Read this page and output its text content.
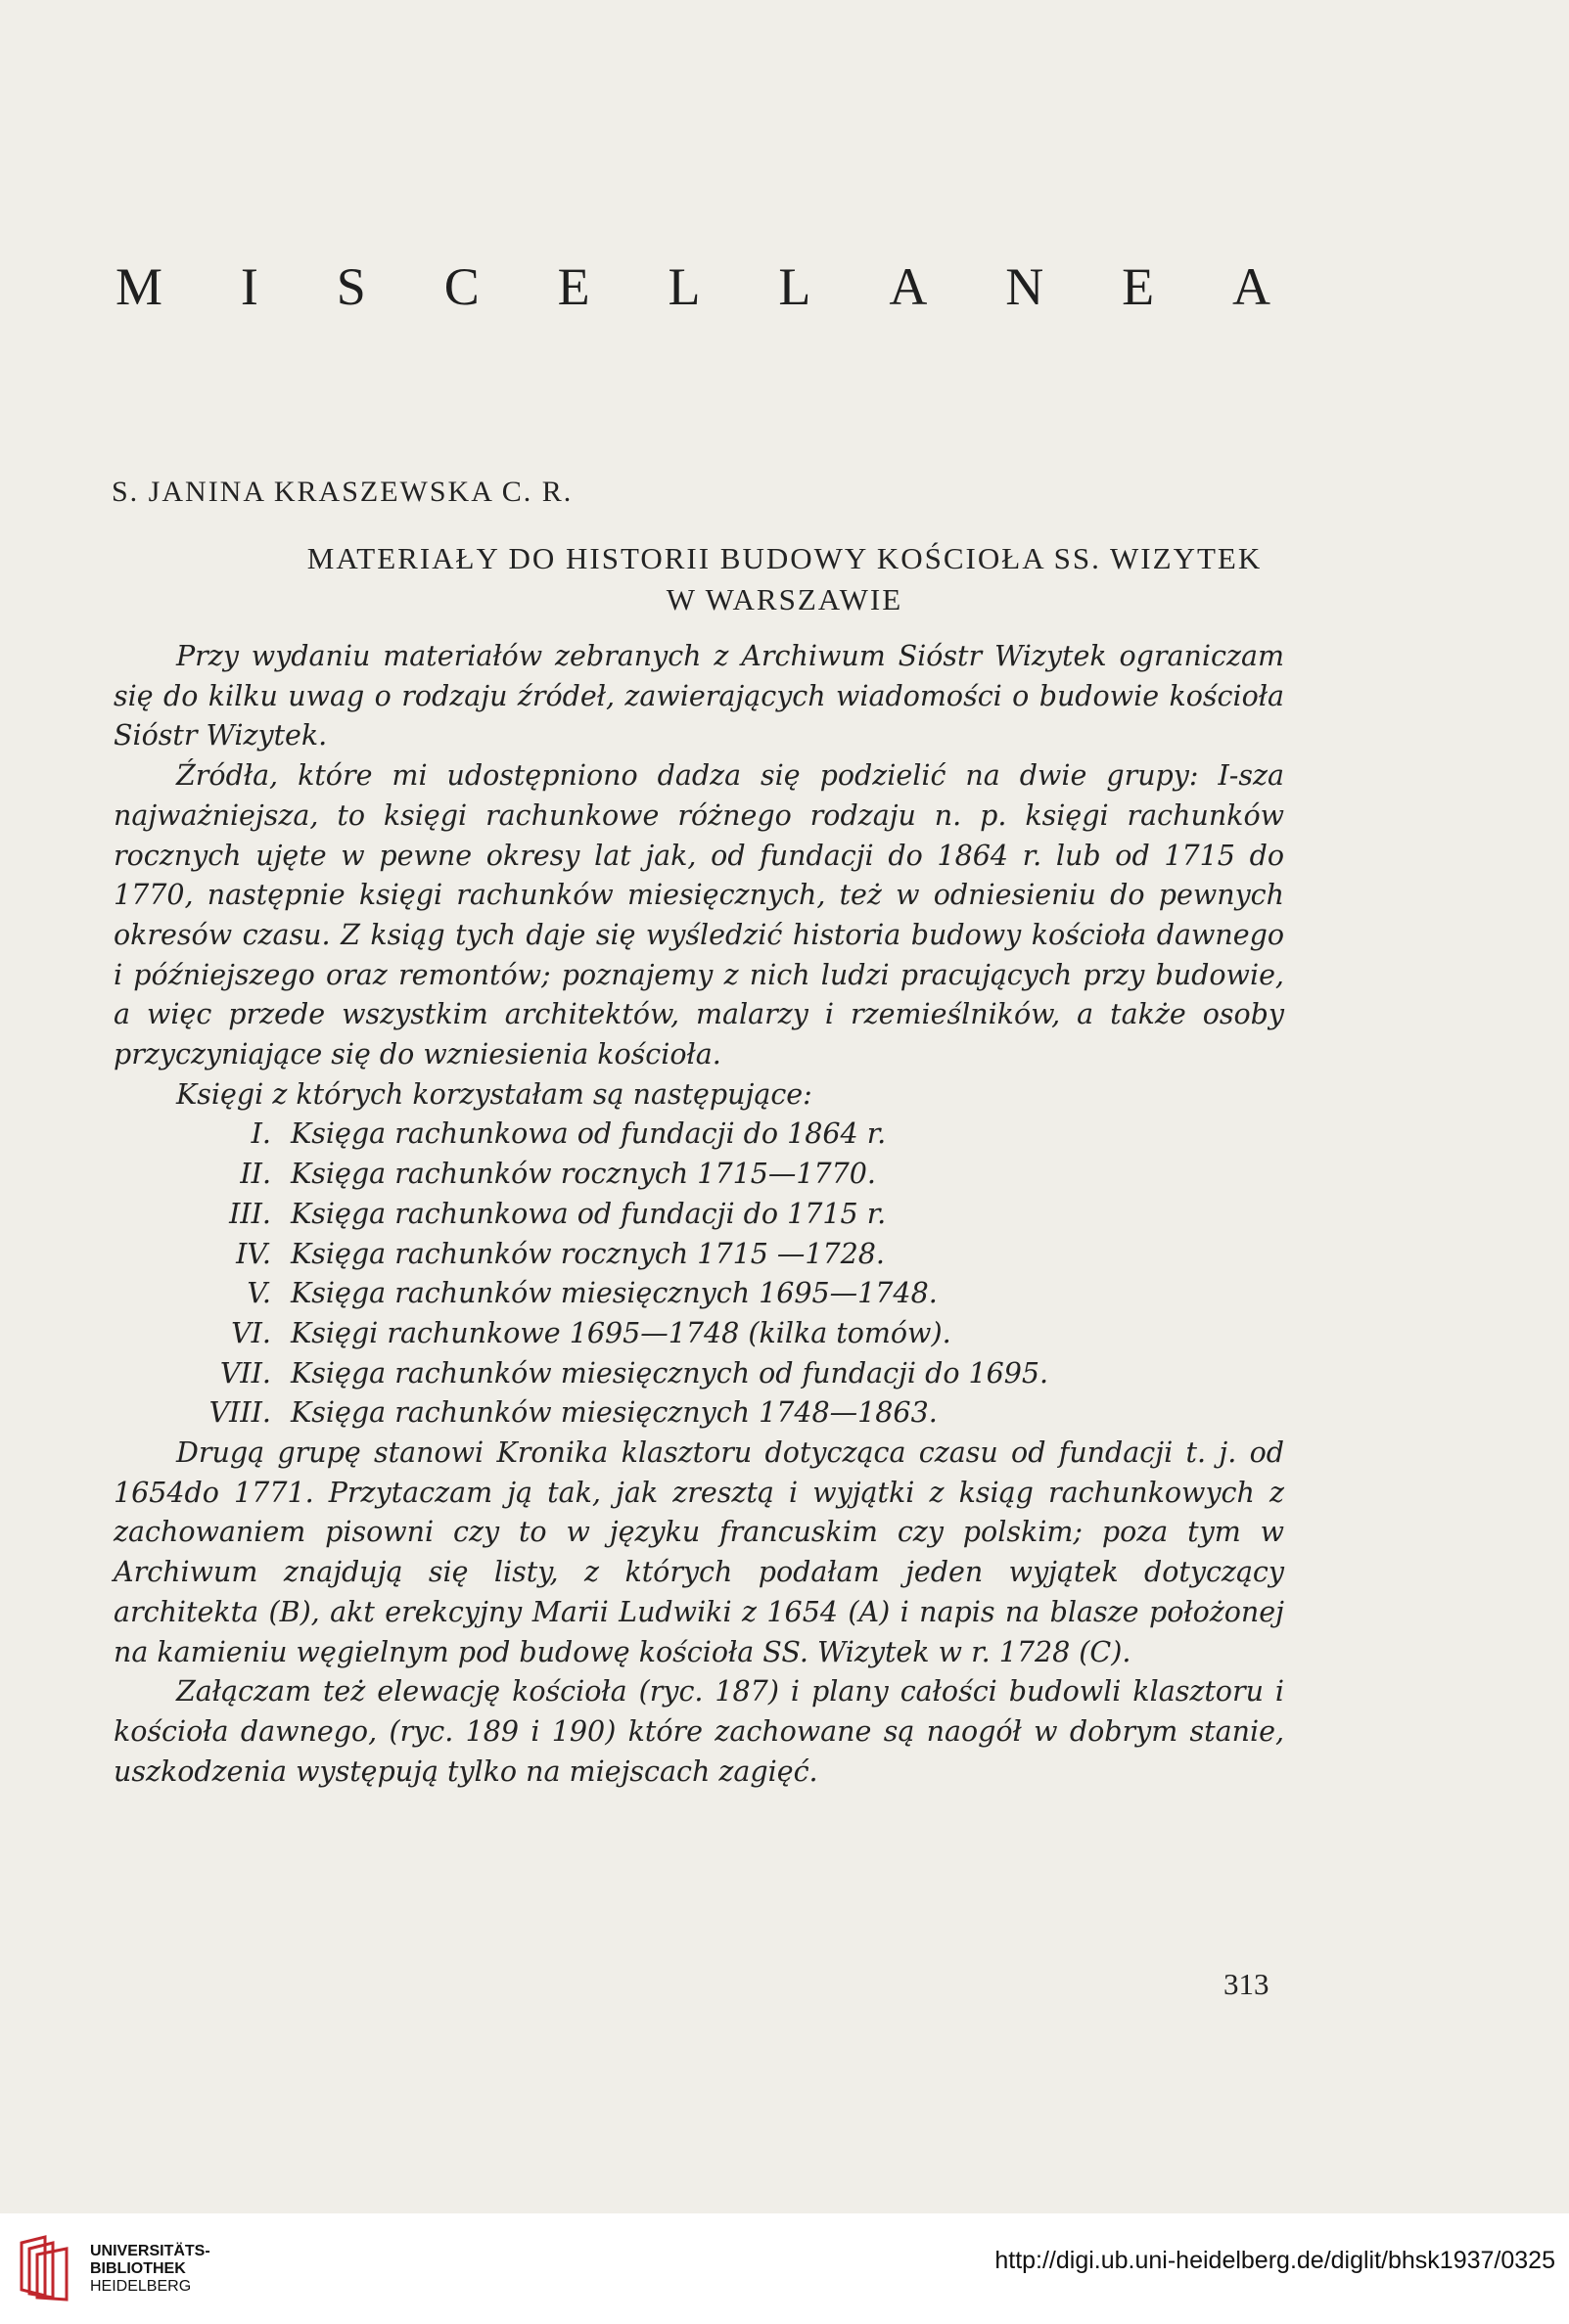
M I S C E L L A N E A
S. JANINA KRASZEWSKA C. R.
MATERIAŁY DO HISTORII BUDOWY KOŚCIOŁA SS. WIZYTEK
W WARSZAWIE

Przy wydaniu materiałów zebranych z Archiwum Sióstr Wizytek ograniczam się do kilku uwag o rodzaju źródeł, zawierających wiadomości o budowie kościoła Sióstr Wizytek.

Źródła, które mi udostępniono dadza się podzielić na dwie grupy: I-sza najważniejsza, to księgi rachunkowe różnego rodzaju n. p. księgi rachunków rocznych ujęte w pewne okresy lat jak, od fundacji do 1864 r. lub od 1715 do 1770, następnie księgi rachunków miesięcznych, też w odniesieniu do pewnych okresów czasu. Z ksiąg tych daje się wyśledzić historia budowy kościoła dawnego i późniejszego oraz remontów; poznajemy z nich ludzi pracujących przy budowie, a więc przede wszystkim architektów, malarzy i rzemieślników, a także osoby przyczyniające się do wzniesienia kościoła.

Księgi z których korzystałam są następujące:

I. Księga rachunkowa od fundacji do 1864 r.
II. Księga rachunków rocznych 1715—1770.
III. Księga rachunkowa od fundacji do 1715 r.
IV. Księga rachunków rocznych 1715 —1728.
V. Księga rachunków miesięcznych 1695—1748.
VI. Księgi rachunkowe 1695—1748 (kilka tomów).
VII. Księga rachunków miesięcznych od fundacji do 1695.
VIII. Księga rachunków miesięcznych 1748—1863.

Drugą grupę stanowi Kronika klasztoru dotycząca czasu od fundacji t. j. od 1654do 1771. Przytaczam ją tak, jak zresztą i wyjątki z ksiąg rachunkowych z zachowaniem pisowni czy to w języku francuskim czy polskim; poza tym w Archiwum znajdują się listy, z których podałam jeden wyjątek dotyczący architekta (B), akt erekcyjny Marii Ludwiki z 1654 (A) i napis na blasze położonej na kamieniu węgielnym pod budowę kościoła SS. Wizytek w r. 1728 (C).

Załączam też elewację kościoła (ryc. 187) i plany całości budowli klasztoru i kościoła dawnego, (ryc. 189 i 190) które zachowane są naogół w dobrym stanie, uszkodzenia występują tylko na miejscach zagięć.

313
UNIVERSITÄTS-
BIBLIOTHEK
HEIDELBERG
http://digi.ub.uni-heidelberg.de/diglit/bhsk1937/0325
